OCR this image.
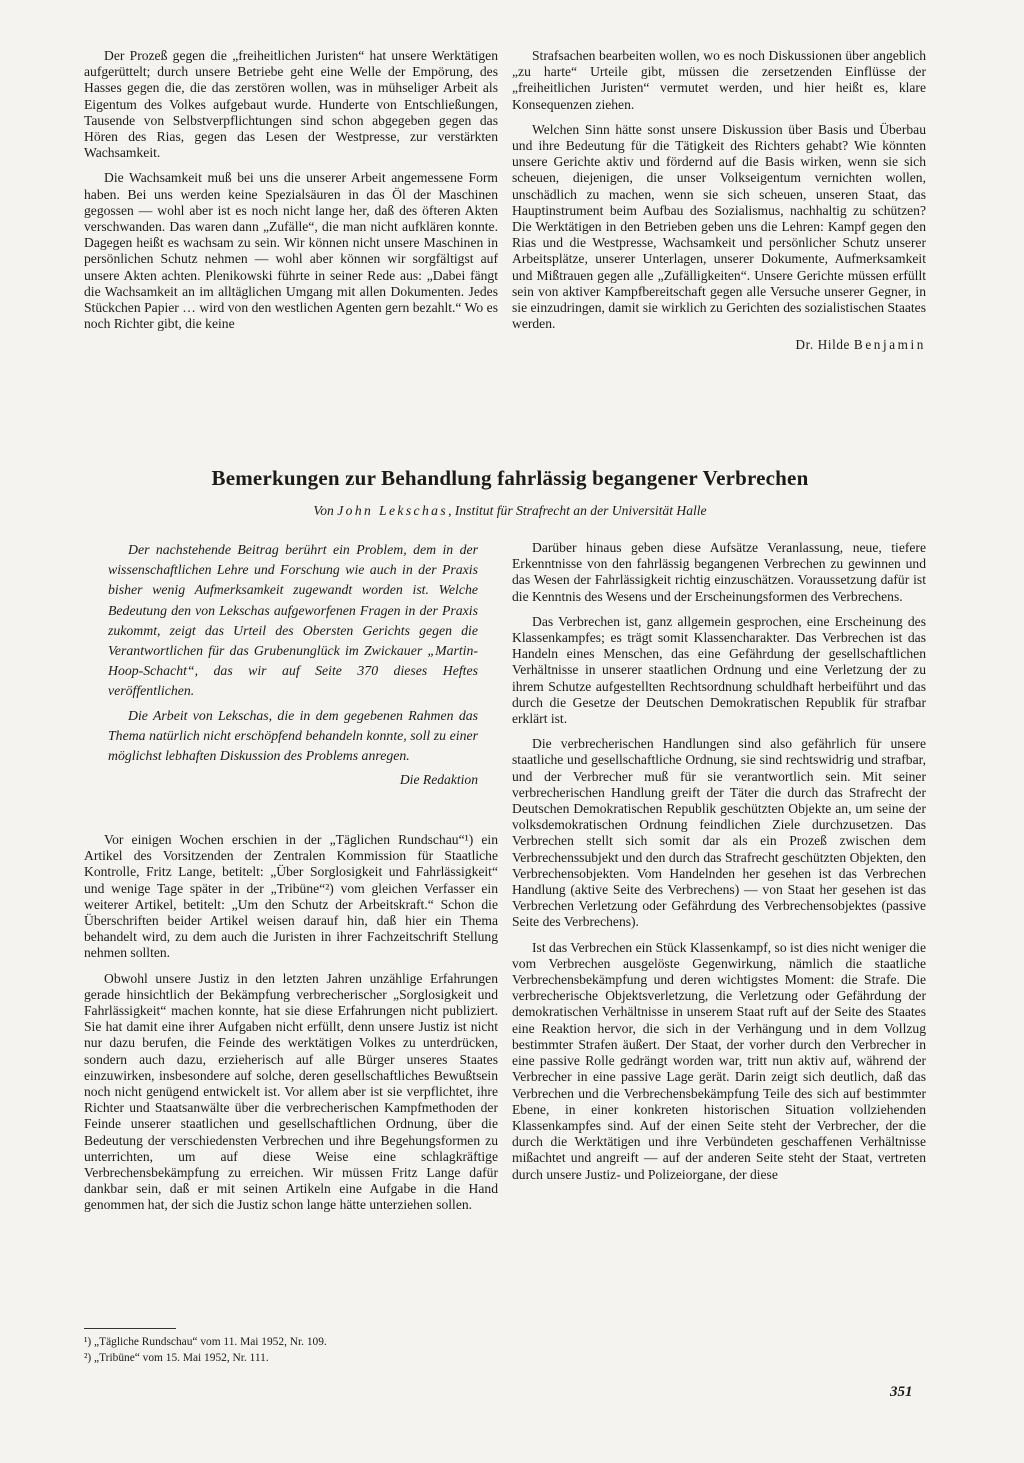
Der Prozeß gegen die „freiheitlichen Juristen“ hat unsere Werktätigen aufgerüttelt; durch unsere Betriebe geht eine Welle der Empörung, des Hasses gegen die, die das zerstören wollen, was in mühseliger Arbeit als Eigentum des Volkes aufgebaut wurde. Hunderte von Entschließungen, Tausende von Selbstverpflichtungen sind schon abgegeben gegen das Hören des Rias, gegen das Lesen der Westpresse, zur verstärkten Wachsamkeit.

Die Wachsamkeit muß bei uns die unserer Arbeit angemessene Form haben. Bei uns werden keine Spezialsäuren in das Öl der Maschinen gegossen — wohl aber ist es noch nicht lange her, daß des öfteren Akten verschwanden. Das waren dann „Zufälle“, die man nicht aufklären konnte. Dagegen heißt es wachsam zu sein. Wir können nicht unsere Maschinen in persönlichen Schutz nehmen — wohl aber können wir sorgfältigst auf unsere Akten achten. Plenikowski führte in seiner Rede aus: „Dabei fängt die Wachsamkeit an im alltäglichen Umgang mit allen Dokumenten. Jedes Stückchen Papier … wird von den westlichen Agenten gern bezahlt.“ Wo es noch Richter gibt, die keine

Strafsachen bearbeiten wollen, wo es noch Diskussionen über angeblich „zu harte“ Urteile gibt, müssen die zersetzenden Einflüsse der „freiheitlichen Juristen“ vermutet werden, und hier heißt es, klare Konsequenzen ziehen.

Welchen Sinn hätte sonst unsere Diskussion über Basis und Überbau und ihre Bedeutung für die Tätigkeit des Richters gehabt? Wie könnten unsere Gerichte aktiv und fördernd auf die Basis wirken, wenn sie sich scheuen, diejenigen, die unser Volkseigentum vernichten wollen, unschädlich zu machen, wenn sie sich scheuen, unseren Staat, das Hauptinstrument beim Aufbau des Sozialismus, nachhaltig zu schützen? Die Werktätigen in den Betrieben geben uns die Lehren: Kampf gegen den Rias und die Westpresse, Wachsamkeit und persönlicher Schutz unserer Arbeitsplätze, unserer Unterlagen, unserer Dokumente, Aufmerksamkeit und Mißtrauen gegen alle „Zufälligkeiten“. Unsere Gerichte müssen erfüllt sein von aktiver Kampfbereitschaft gegen alle Versuche unserer Gegner, in sie einzudringen, damit sie wirklich zu Gerichten des sozialistischen Staates werden.

Dr. Hilde Benjamin
Bemerkungen zur Behandlung fahrlässig begangener Verbrechen
Von John Lekschas, Institut für Strafrecht an der Universität Halle

Der nachstehende Beitrag berührt ein Problem, dem in der wissenschaftlichen Lehre und Forschung wie auch in der Praxis bisher wenig Aufmerksamkeit zugewandt worden ist. Welche Bedeutung den von Lekschas aufgeworfenen Fragen in der Praxis zukommt, zeigt das Urteil des Obersten Gerichts gegen die Verantwortlichen für das Grubenunglück im Zwickauer „Martin-Hoop-Schacht“, das wir auf Seite 370 dieses Heftes veröffentlichen.

Die Arbeit von Lekschas, die in dem gegebenen Rahmen das Thema natürlich nicht erschöpfend behandeln konnte, soll zu einer möglichst lebhaften Diskussion des Problems anregen.

Die Redaktion

Vor einigen Wochen erschien in der „Täglichen Rundschau“¹) ein Artikel des Vorsitzenden der Zentralen Kommission für Staatliche Kontrolle, Fritz Lange, betitelt: „Über Sorglosigkeit und Fahrlässigkeit“ und wenige Tage später in der „Tribüne“²) vom gleichen Verfasser ein weiterer Artikel, betitelt: „Um den Schutz der Arbeitskraft.“ Schon die Überschriften beider Artikel weisen darauf hin, daß hier ein Thema behandelt wird, zu dem auch die Juristen in ihrer Fachzeitschrift Stellung nehmen sollten.

Obwohl unsere Justiz in den letzten Jahren unzählige Erfahrungen gerade hinsichtlich der Bekämpfung verbrecherischer „Sorglosigkeit und Fahrlässigkeit“ machen konnte, hat sie diese Erfahrungen nicht publiziert. Sie hat damit eine ihrer Aufgaben nicht erfüllt, denn unsere Justiz ist nicht nur dazu berufen, die Feinde des werktätigen Volkes zu unterdrücken, sondern auch dazu, erzieherisch auf alle Bürger unseres Staates einzuwirken, insbesondere auf solche, deren gesellschaftliches Bewußtsein noch nicht genügend entwickelt ist. Vor allem aber ist sie verpflichtet, ihre Richter und Staatsanwälte über die verbrecherischen Kampfmethoden der Feinde unserer staatlichen und gesellschaftlichen Ordnung, über die Bedeutung der verschiedensten Verbrechen und ihre Begehungsformen zu unterrichten, um auf diese Weise eine schlagkräftige Verbrechensbekämpfung zu erreichen. Wir müssen Fritz Lange dafür dankbar sein, daß er mit seinen Artikeln eine Aufgabe in die Hand genommen hat, der sich die Justiz schon lange hätte unterziehen sollen.

¹) „Tägliche Rundschau“ vom 11. Mai 1952, Nr. 109.

²) „Tribüne“ vom 15. Mai 1952, Nr. 111.

Darüber hinaus geben diese Aufsätze Veranlassung, neue, tiefere Erkenntnisse von den fahrlässig begangenen Verbrechen zu gewinnen und das Wesen der Fahrlässigkeit richtig einzuschätzen. Voraussetzung dafür ist die Kenntnis des Wesens und der Erscheinungsformen des Verbrechens.

Das Verbrechen ist, ganz allgemein gesprochen, eine Erscheinung des Klassenkampfes; es trägt somit Klassencharakter. Das Verbrechen ist das Handeln eines Menschen, das eine Gefährdung der gesellschaftlichen Verhältnisse in unserer staatlichen Ordnung und eine Verletzung der zu ihrem Schutze aufgestellten Rechtsordnung schuldhaft herbeiführt und das durch die Gesetze der Deutschen Demokratischen Republik für strafbar erklärt ist.

Die verbrecherischen Handlungen sind also gefährlich für unsere staatliche und gesellschaftliche Ordnung, sie sind rechtswidrig und strafbar, und der Verbrecher muß für sie verantwortlich sein. Mit seiner verbrecherischen Handlung greift der Täter die durch das Strafrecht der Deutschen Demokratischen Republik geschützten Objekte an, um seine der volksdemokratischen Ordnung feindlichen Ziele durchzusetzen. Das Verbrechen stellt sich somit dar als ein Prozeß zwischen dem Verbrechenssubjekt und den durch das Strafrecht geschützten Objekten, den Verbrechensobjekten. Vom Handelnden her gesehen ist das Verbrechen Handlung (aktive Seite des Verbrechens) — von Staat her gesehen ist das Verbrechen Verletzung oder Gefährdung des Verbrechensobjektes (passive Seite des Verbrechens).

Ist das Verbrechen ein Stück Klassenkampf, so ist dies nicht weniger die vom Verbrechen ausgelöste Gegenwirkung, nämlich die staatliche Verbrechensbekämpfung und deren wichtigstes Moment: die Strafe. Die verbrecherische Objektsverletzung, die Verletzung oder Gefährdung der demokratischen Verhältnisse in unserem Staat ruft auf der Seite des Staates eine Reaktion hervor, die sich in der Verhängung und in dem Vollzug bestimmter Strafen äußert. Der Staat, der vorher durch den Verbrecher in eine passive Rolle gedrängt worden war, tritt nun aktiv auf, während der Verbrecher in eine passive Lage gerät. Darin zeigt sich deutlich, daß das Verbrechen und die Verbrechensbekämpfung Teile des sich auf bestimmter Ebene, in einer konkreten historischen Situation vollziehenden Klassenkampfes sind. Auf der einen Seite steht der Verbrecher, der die durch die Werktätigen und ihre Verbündeten geschaffenen Verhältnisse mißachtet und angreift — auf der anderen Seite steht der Staat, vertreten durch unsere Justiz- und Polizeiorgane, der diese

351
